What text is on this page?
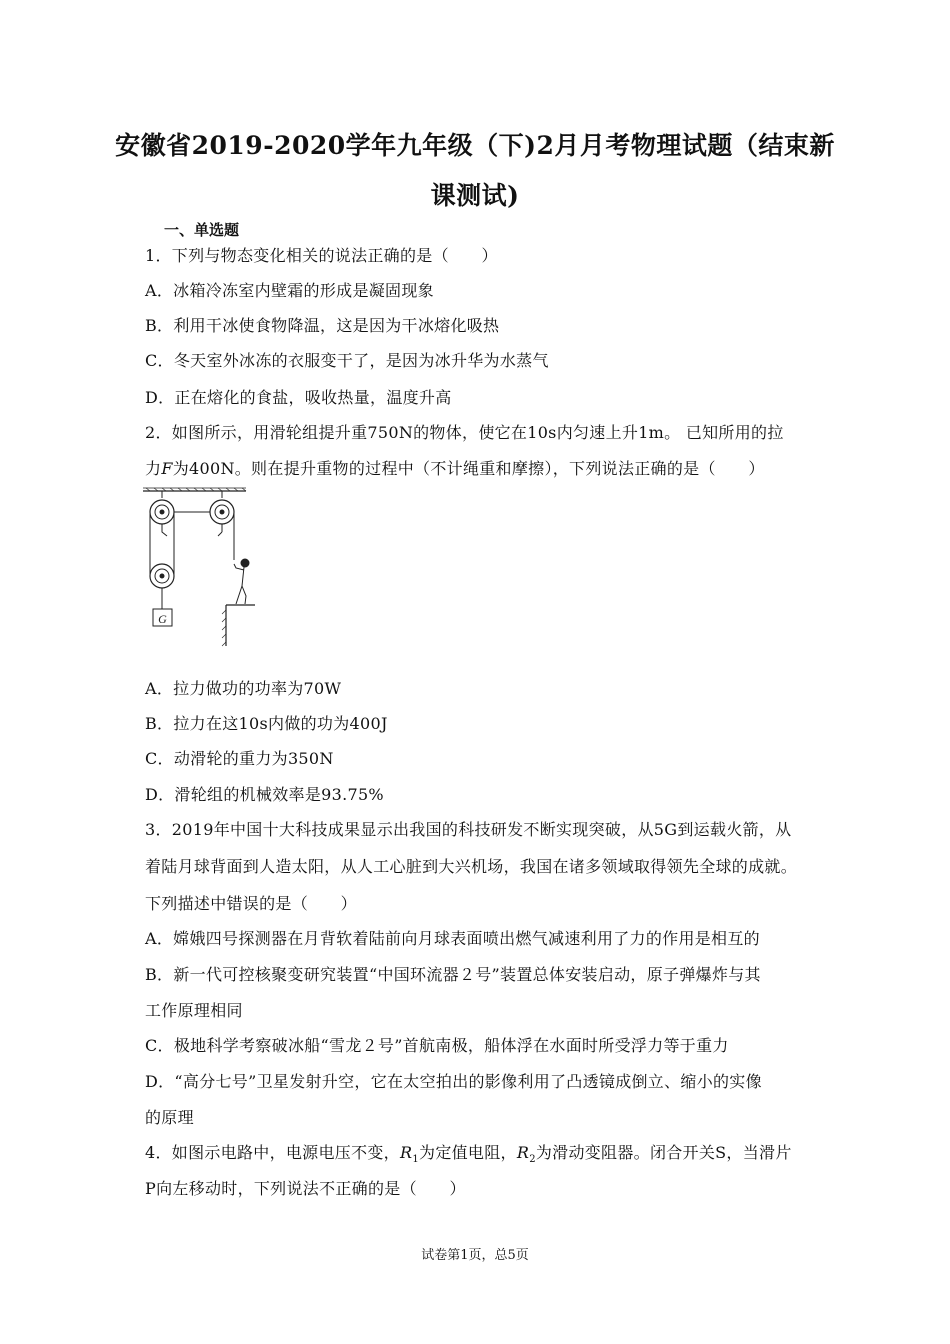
安徽省2019-2020学年九年级（下)2月月考物理试题（结束新
课测试)
一、单选题
1．下列与物态变化相关的说法正确的是（　　）
A．冰箱冷冻室内壁霜的形成是凝固现象
B．利用干冰使食物降温，这是因为干冰熔化吸热
C．冬天室外冰冻的衣服变干了，是因为冰升华为水蒸气
D．正在熔化的食盐，吸收热量，温度升高
2．如图所示，用滑轮组提升重750N的物体，使它在10s内匀速上升1m。 已知所用的拉
力F为400N。则在提升重物的过程中（不计绳重和摩擦），下列说法正确的是（　　）
G
A．拉力做功的功率为70W
B．拉力在这10s内做的功为400J
C．动滑轮的重力为350N
D．滑轮组的机械效率是93.75%
3．2019年中国十大科技成果显示出我国的科技研发不断实现突破，从5G到运载火箭，从
着陆月球背面到人造太阳，从人工心脏到大兴机场，我国在诸多领域取得领先全球的成就。
下列描述中错误的是（　　）
A．嫦娥四号探测器在月背软着陆前向月球表面喷出燃气减速利用了力的作用是相互的
B．新一代可控核聚变研究装置“中国环流器２号”装置总体安装启动，原子弹爆炸与其
工作原理相同
C．极地科学考察破冰船“雪龙２号”首航南极，船体浮在水面时所受浮力等于重力
D．“高分七号”卫星发射升空，它在太空拍出的影像利用了凸透镜成倒立、缩小的实像
的原理
4．如图示电路中，电源电压不变，$R_1$为定值电阻，$R_2$为滑动变阻器。闭合开关S，当滑片
P向左移动时，下列说法不正确的是（　　）
试卷第1页，总5页
